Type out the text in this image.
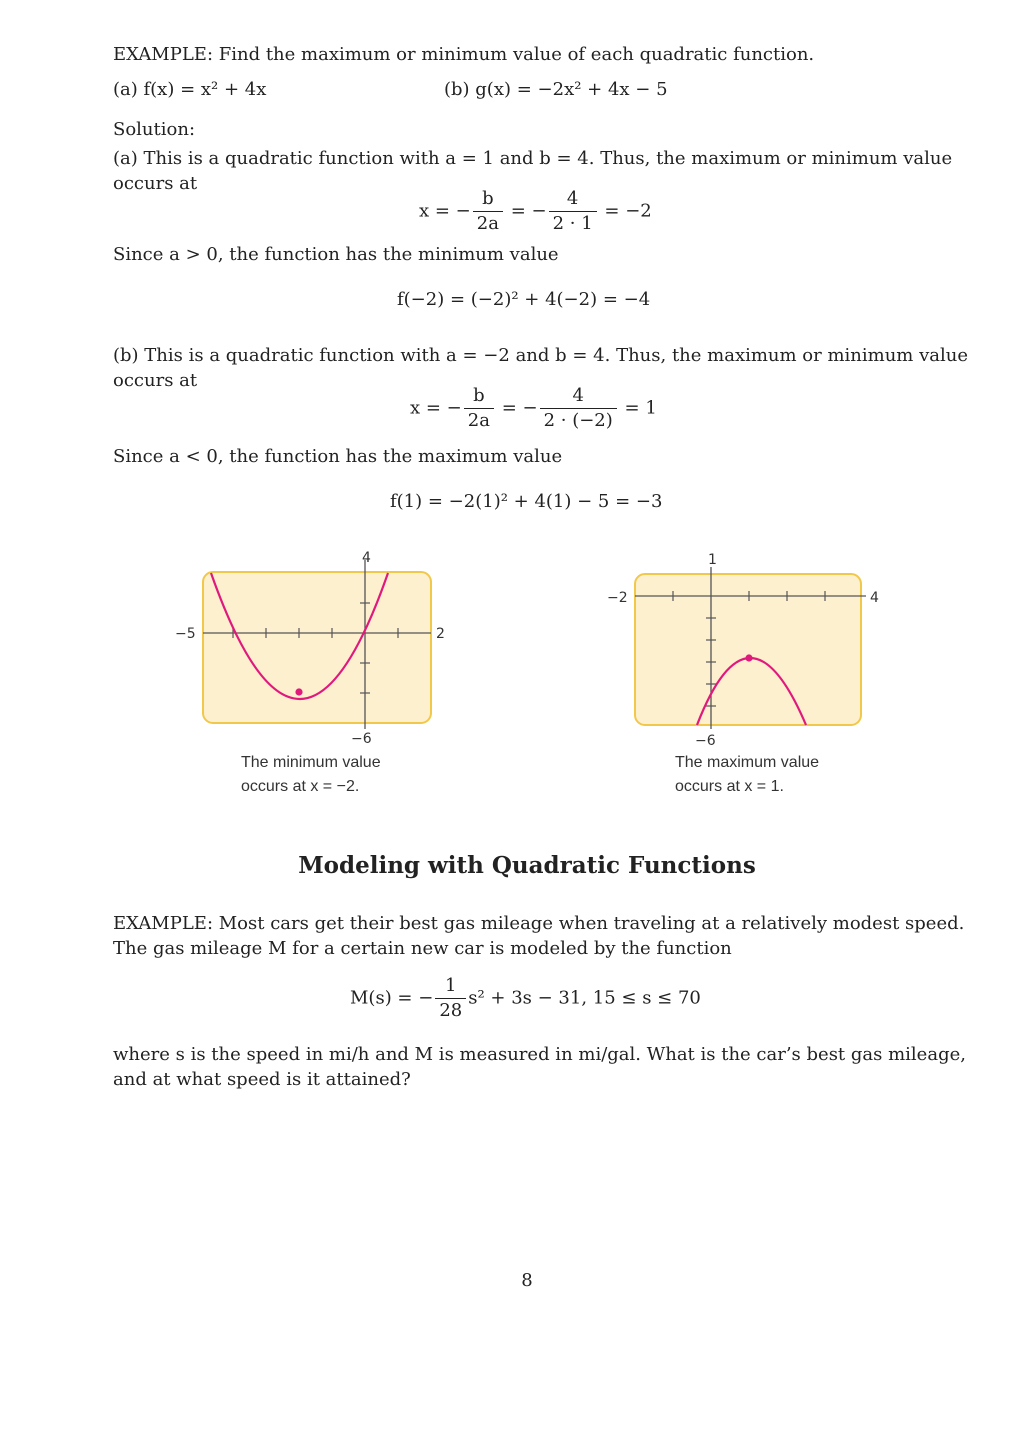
EXAMPLE: Find the maximum or minimum value of each quadratic function.
(a) f(x) = x² + 4x	(b) g(x) = −2x² + 4x − 5
Solution:
(a) This is a quadratic function with a = 1 and b = 4. Thus, the maximum or minimum value
occurs at
x = − $\frac{b}{2a}$ = − $\frac{4}{2 \cdot 1} = -2$
Since a > 0, the function has the minimum value
f(−2) = (−2)² + 4(−2) = −4
(b) This is a quadratic function with a = −2 and b = 4. Thus, the maximum or minimum value
occurs at
x = − $\frac{b}{2a}$ = − $\frac{4}{2 \cdot (-2)} = 1$
Since a < 0, the function has the maximum value
f(1) = −2(1)² + 4(1) − 5 = −3
4
−5	2
−6
The minimum value
occurs at x = −2.
1
−2	4
−6
The maximum value
occurs at x = 1.
Modeling with Quadratic Functions
EXAMPLE: Most cars get their best gas mileage when traveling at a relatively modest speed.
The gas mileage M for a certain new car is modeled by the function
M(s) = − $\frac{1}{28} s^2 + 3s - 31$, 15 ≤ s ≤ 70
where s is the speed in mi/h and M is measured in mi/gal. What is the car’s best gas mileage,
and at what speed is it attained?
8
